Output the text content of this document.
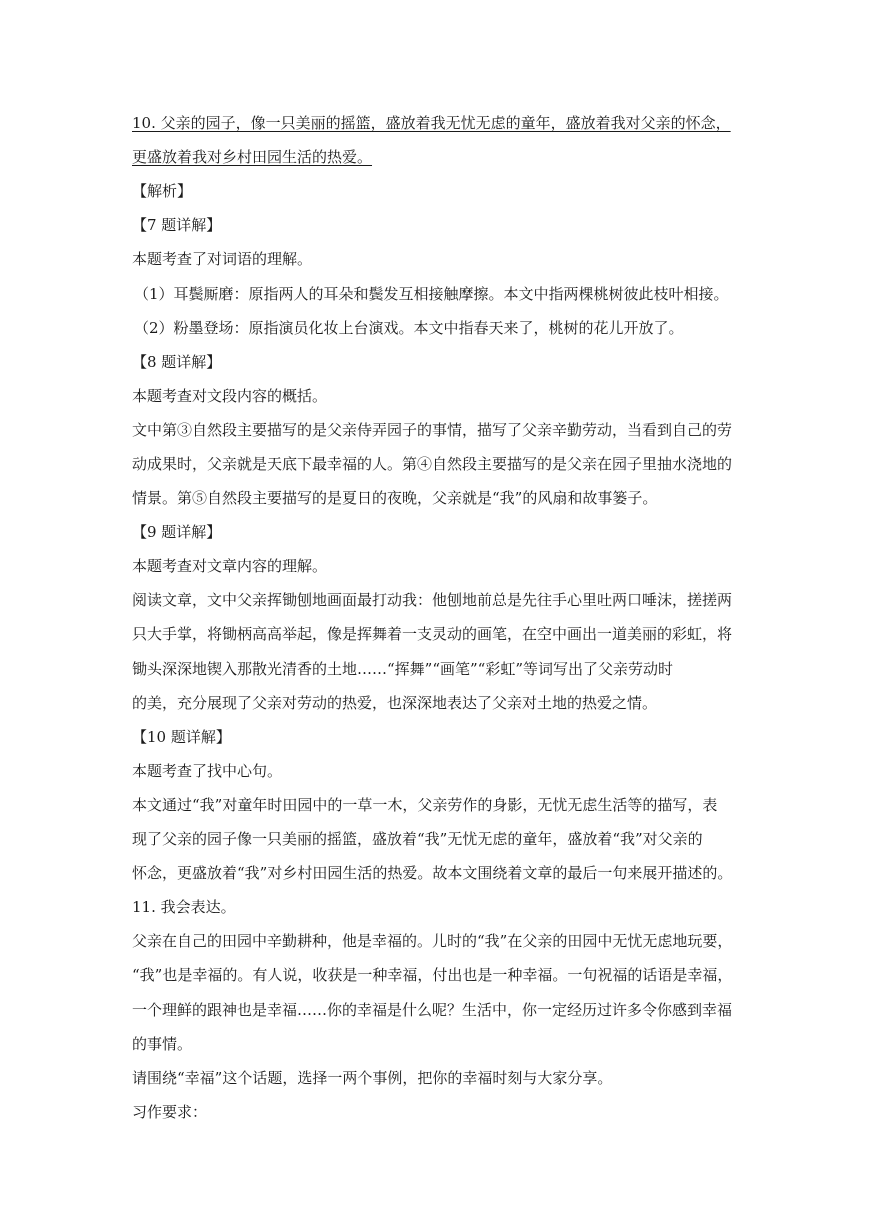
10. 父亲的园子，像一只美丽的摇篮，盛放着我无忧无虑的童年，盛放着我对父亲的怀念，
更盛放着我对乡村田园生活的热爱。
【解析】
【7 题详解】
本题考查了对词语的理解。
（1）耳鬓厮磨：原指两人的耳朵和鬓发互相接触摩擦。本文中指两棵桃树彼此枝叶相接。
（2）粉墨登场：原指演员化妆上台演戏。本文中指春天来了，桃树的花儿开放了。
【8 题详解】
本题考查对文段内容的概括。
文中第③自然段主要描写的是父亲侍弄园子的事情，描写了父亲辛勤劳动，当看到自己的劳
动成果时，父亲就是天底下最幸福的人。第④自然段主要描写的是父亲在园子里抽水浇地的
情景。第⑤自然段主要描写的是夏日的夜晚，父亲就是“我”的风扇和故事篓子。
【9 题详解】
本题考查对文章内容的理解。
阅读文章，文中父亲挥锄刨地画面最打动我：他刨地前总是先往手心里吐两口唾沫，搓搓两
只大手掌，将锄柄高高举起，像是挥舞着一支灵动的画笔，在空中画出一道美丽的彩虹，将
锄头深深地锲入那散光清香的土地……“挥舞”“画笔”“彩虹”等词写出了父亲劳动时
的美，充分展现了父亲对劳动的热爱，也深深地表达了父亲对土地的热爱之情。
【10 题详解】
本题考查了找中心句。
本文通过“我”对童年时田园中的一草一木，父亲劳作的身影，无忧无虑生活等的描写，表
现了父亲的园子像一只美丽的摇篮，盛放着“我”无忧无虑的童年，盛放着“我”对父亲的
怀念，更盛放着“我”对乡村田园生活的热爱。故本文围绕着文章的最后一句来展开描述的。
11. 我会表达。
父亲在自己的田园中辛勤耕种，他是幸福的。儿时的“我”在父亲的田园中无忧无虑地玩要，
“我”也是幸福的。有人说，收获是一种幸福，付出也是一种幸福。一句祝福的话语是幸福，
一个理鲜的跟神也是幸福……你的幸福是什么呢？生活中，你一定经历过许多令你感到幸福
的事情。
请围绕“幸福”这个话题，选择一两个事例，把你的幸福时刻与大家分享。
习作要求：
